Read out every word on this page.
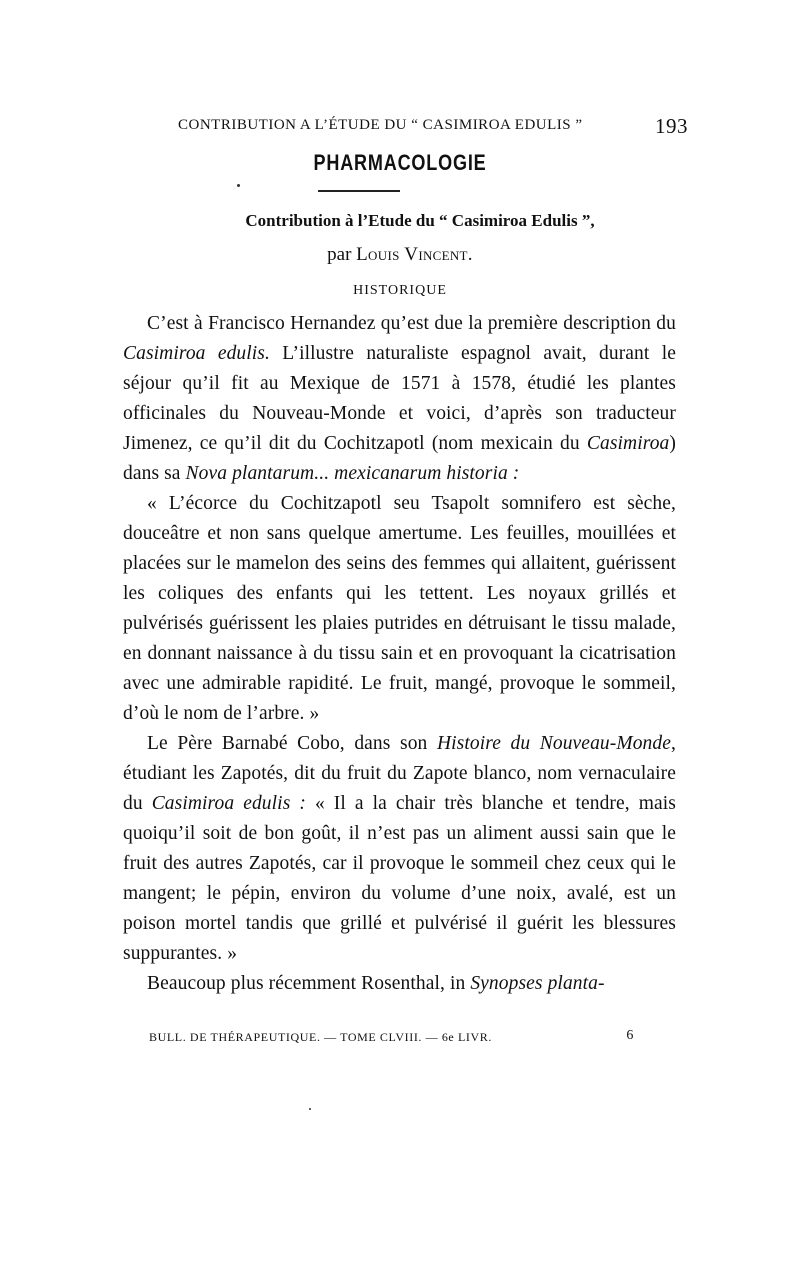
CONTRIBUTION A L’ÉTUDE DU “ CASIMIROA EDULIS ”	193
PHARMACOLOGIE
Contribution à l’Etude du “ Casimiroa Edulis ”,
par Louis Vincent.
HISTORIQUE

C’est à Francisco Hernandez qu’est due la première description du Casimiroa edulis. L’illustre naturaliste espagnol avait, durant le séjour qu’il fit au Mexique de 1571 à 1578, étudié les plantes officinales du Nouveau-Monde et voici, d’après son traducteur Jimenez, ce qu’il dit du Cochitzapotl (nom mexicain du Casimiroa) dans sa Nova plantarum... mexicanarum historia :

« L’écorce du Cochitzapotl seu Tsapolt somnifero est sèche, douceâtre et non sans quelque amertume. Les feuilles, mouillées et placées sur le mamelon des seins des femmes qui allaitent, guérissent les coliques des enfants qui les tettent. Les noyaux grillés et pulvérisés guérissent les plaies putrides en détruisant le tissu malade, en donnant naissance à du tissu sain et en provoquant la cicatrisation avec une admirable rapidité. Le fruit, mangé, provoque le sommeil, d’où le nom de l’arbre. »

Le Père Barnabé Cobo, dans son Histoire du Nouveau-Monde, étudiant les Zapotés, dit du fruit du Zapote blanco, nom vernaculaire du Casimiroa edulis : « Il a la chair très blanche et tendre, mais quoiqu’il soit de bon goût, il n’est pas un aliment aussi sain que le fruit des autres Zapotés, car il provoque le sommeil chez ceux qui le mangent; le pépin, environ du volume d’une noix, avalé, est un poison mortel tandis que grillé et pulvérisé il guérit les blessures suppurantes. »

Beaucoup plus récemment Rosenthal, in Synopses planta-

BULL. DE THÉRAPEUTIQUE. — TOME CLVIII. — 6e LIVR.	6
